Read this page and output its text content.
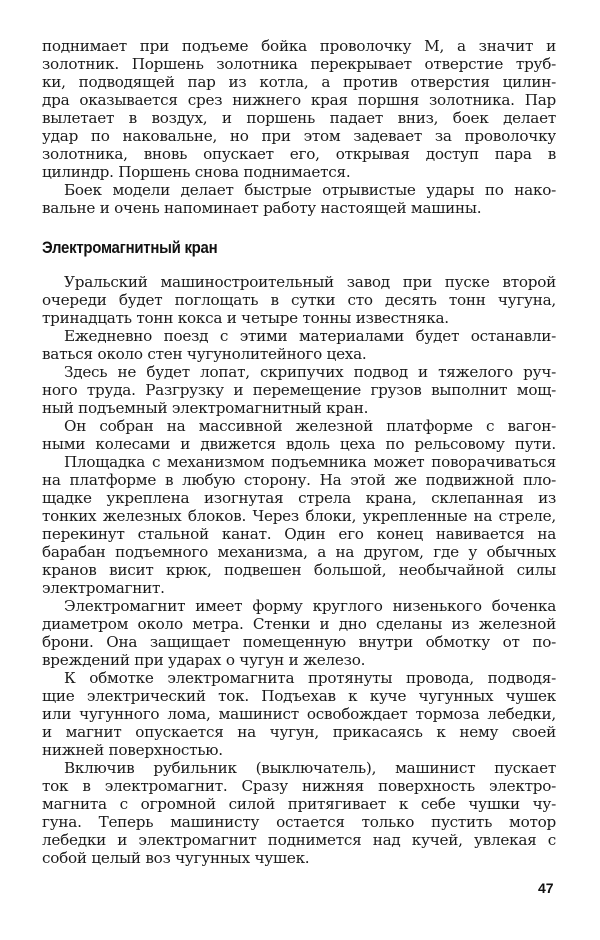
поднимает при подъеме бойка проволочку М, а значит и
золотник. Поршень золотника перекрывает отверстие труб-
ки, подводящей пар из котла, а против отверстия цилин-
дра оказывается срез нижнего края поршня золотника. Пар
вылетает в воздух, и поршень падает вниз, боек делает
удар по наковальне, но при этом задевает за проволочку
золотника, вновь опускает его, открывая доступ пара в
цилиндр. Поршень снова поднимается.
Боек модели делает быстрые отрывистые удары по нако-
вальне и очень напоминает работу настоящей машины.
Электромагнитный кран
Уральский машиностроительный завод при пуске второй
очереди будет поглощать в сутки сто десять тонн чугуна,
тринадцать тонн кокса и четыре тонны известняка.
Ежедневно поезд с этими материалами будет останавли-
ваться около стен чугунолитейного цеха.
Здесь не будет лопат, скрипучих подвод и тяжелого руч-
ного труда. Разгрузку и перемещение грузов выполнит мощ-
ный подъемный электромагнитный кран.
Он собран на массивной железной платформе с вагон-
ными колесами и движется вдоль цеха по рельсовому пути.
Площадка с механизмом подъемника может поворачиваться
на платформе в любую сторону. На этой же подвижной пло-
щадке укреплена изогнутая стрела крана, склепанная из
тонких железных блоков. Через блоки, укрепленные на стреле,
перекинут стальной канат. Один его конец навивается на
барабан подъемного механизма, а на другом, где у обычных
кранов висит крюк, подвешен большой, необычайной силы
электромагнит.
Электромагнит имеет форму круглого низенького боченка
диаметром около метра. Стенки и дно сделаны из железной
брони. Она защищает помещенную внутри обмотку от по-
вреждений при ударах о чугун и железо.
К обмотке электромагнита протянуты провода, подводя-
щие электрический ток. Подъехав к куче чугунных чушек
или чугунного лома, машинист освобождает тормоза лебедки,
и магнит опускается на чугун, прикасаясь к нему своей
нижней поверхностью.
Включив рубильник (выключатель), машинист пускает
ток в электромагнит. Сразу нижняя поверхность электро-
магнита с огромной силой притягивает к себе чушки чу-
гуна. Теперь машинисту остается только пустить мотор
лебедки и электромагнит поднимется над кучей, увлекая с
собой целый воз чугунных чушек.
47
